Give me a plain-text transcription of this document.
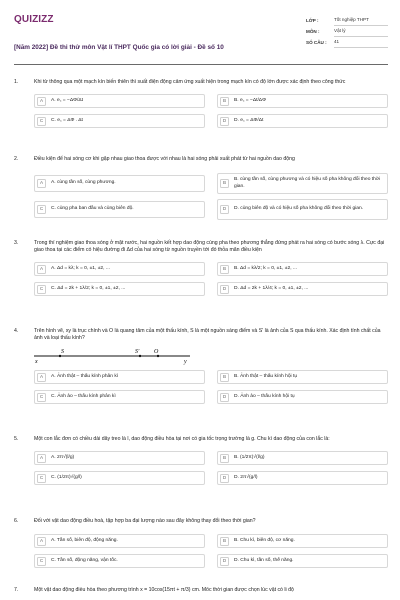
QUIZIZZ
[Năm 2022] Đề thi thử môn Vật lí THPT Quốc gia có lời giải - Đề số 10
LỚP :	Tốt nghiệp THPT
MÔN :	Vật lý
SỐ CÂU :	41
1.	Khi từ thông qua một mạch kín biến thiên thì suất điện động cảm ứng xuất hiện trong mạch kín có độ lớn được xác định theo công thức
A	A. e꜀ = −ΔΦ/Δt	B	B. e꜀ = −Δt/ΔΦ
C	C. e꜀ = ΔΦ . Δt	D	D. e꜀ = ΔΦ/Δt
2.	Điều kiện để hai sóng cơ khi gặp nhau giao thoa được với nhau là hai sóng phải xuất phát từ hai nguồn dao động
A	A. cùng tần số, cùng phương.	B
B. cùng tần số, cùng phương và có hiệu số pha không đổi theo thời gian.
C	C. cùng pha ban đầu và cùng biên độ.	D	D. cùng biên độ và có hiệu số pha không đổi theo thời gian.
3.	Trong thí nghiệm giao thoa sóng ở mặt nước, hai nguồn kết hợp dao động cùng pha theo phương thẳng đứng phát ra hai sóng có bước sóng λ. Cực đại giao thoa tại các điểm có hiệu đường đi Δd của hai sóng từ nguồn truyền tới đó thỏa mãn điều kiện
A	A. Δd = kλ; k = 0, ±1, ±2, ...	B	B. Δd = kλ/2; k = 0, ±1, ±2, ...
C	C. Δd = 2k + 1λ/2; k = 0, ±1, ±2, ...	D	D. Δd = 2k + 1λ/4; k = 0, ±1, ±2, ...
4.	Trên hình vẽ, xy là trục chính và O là quang tâm của một thấu kính, S là một nguồn sáng điểm và S' là ảnh của S qua thấu kính. Xác định tính chất của ảnh và loại thấu kính?
x
S	S' O
y
A	A. Ảnh thật – thấu kính phân kì	B	B. Ảnh thật – thấu kính hội tụ
C	C. Ảnh ảo – thấu kính phân kì	D	D. Ảnh ảo – thấu kính hội tụ
5.	Một con lắc đơn có chiều dài dây treo là l, dao động điều hòa tại nơi có gia tốc trọng trường là g. Chu kì dao động của con lắc là:
A	A. 2π√(l/g)	B	B. (1/2π)√(l/g)
C	C. (1/2π)√(g/l)	D	D. 2π√(g/l)
6.	Đối với vật dao động điều hoà, tập hợp ba đại lượng nào sau đây không thay đổi theo thời gian?
A	A. Tần số, biên độ, động năng.	B	B. Chu kì, biên độ, cơ năng.
C	C. Tần số, động năng, vận tốc.	D	D. Chu kì, tần số, thế năng.
7.	Một vật dao động điều hòa theo phương trình x = 10cos(15πt + π/3) cm. Mốc thời gian được chọn lúc vật có li độ
